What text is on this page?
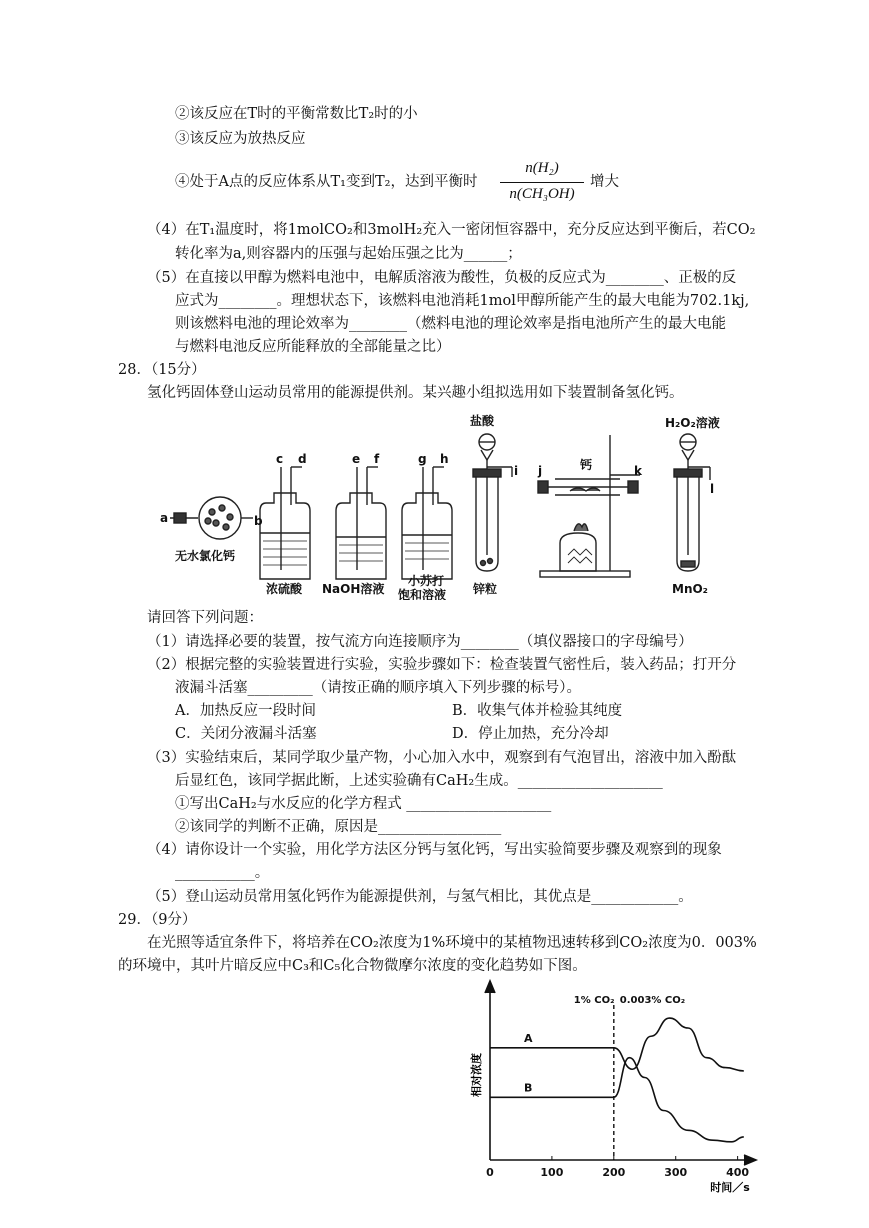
②该反应在T时的平衡常数比T₂时的小
③该反应为放热反应
④处于A点的反应体系从T₁变到T₂，达到平衡时
n(H₂)
n(CH₃OH)
增大
（4）在T₁温度时，将1molCO₂和3molH₂充入一密闭恒容器中，充分反应达到平衡后，若CO₂
转化率为a,则容器内的压强与起始压强之比为______；
（5）在直接以甲醇为燃料电池中，电解质溶液为酸性，负极的反应式为________、正极的反
应式为________。理想状态下，该燃料电池消耗1mol甲醇所能产生的最大电能为702.1kj,
则该燃料电池的理论效率为________（燃料电池的理论效率是指电池所产生的最大电能
与燃料电池反应所能释放的全部能量之比）
28．（15分）
氢化钙固体登山运动员常用的能源提供剂。某兴趣小组拟选用如下装置制备氢化钙。
盐酸	H₂O₂溶液
钙
a	b
c d	e f	g h
i j	k
l
无水氯化钙
浓硫酸 NaOH溶液
小苏打
饱和溶液 锌粒	MnO₂
请回答下列问题：
（1）请选择必要的装置，按气流方向连接顺序为________（填仪器接口的字母编号）
（2）根据完整的实验装置进行实验，实验步骤如下：检查装置气密性后，装入药品；打开分
液漏斗活塞_________（请按正确的顺序填入下列步骤的标号）。
A．加热反应一段时间	B．收集气体并检验其纯度
C．关闭分液漏斗活塞	D．停止加热，充分冷却
（3）实验结束后，某同学取少量产物，小心加入水中，观察到有气泡冒出，溶液中加入酚酞
后显红色，该同学据此断，上述实验确有CaH₂生成。____________________
①写出CaH₂与水反应的化学方程式 ____________________
②该同学的判断不正确，原因是_________________
（4）请你设计一个实验，用化学方法区分钙与氢化钙，写出实验简要步骤及观察到的现象
___________。
（5）登山运动员常用氢化钙作为能源提供剂，与氢气相比，其优点是____________。
29．（9分）
在光照等适宜条件下，将培养在CO₂浓度为1%环境中的某植物迅速转移到CO₂浓度为0．003%
的环境中，其叶片暗反应中C₃和C₅化合物微摩尔浓度的变化趋势如下图。
0	100	200	300	400
1% CO₂ 0.003% CO₂
A
B
相对浓度
时间／s
